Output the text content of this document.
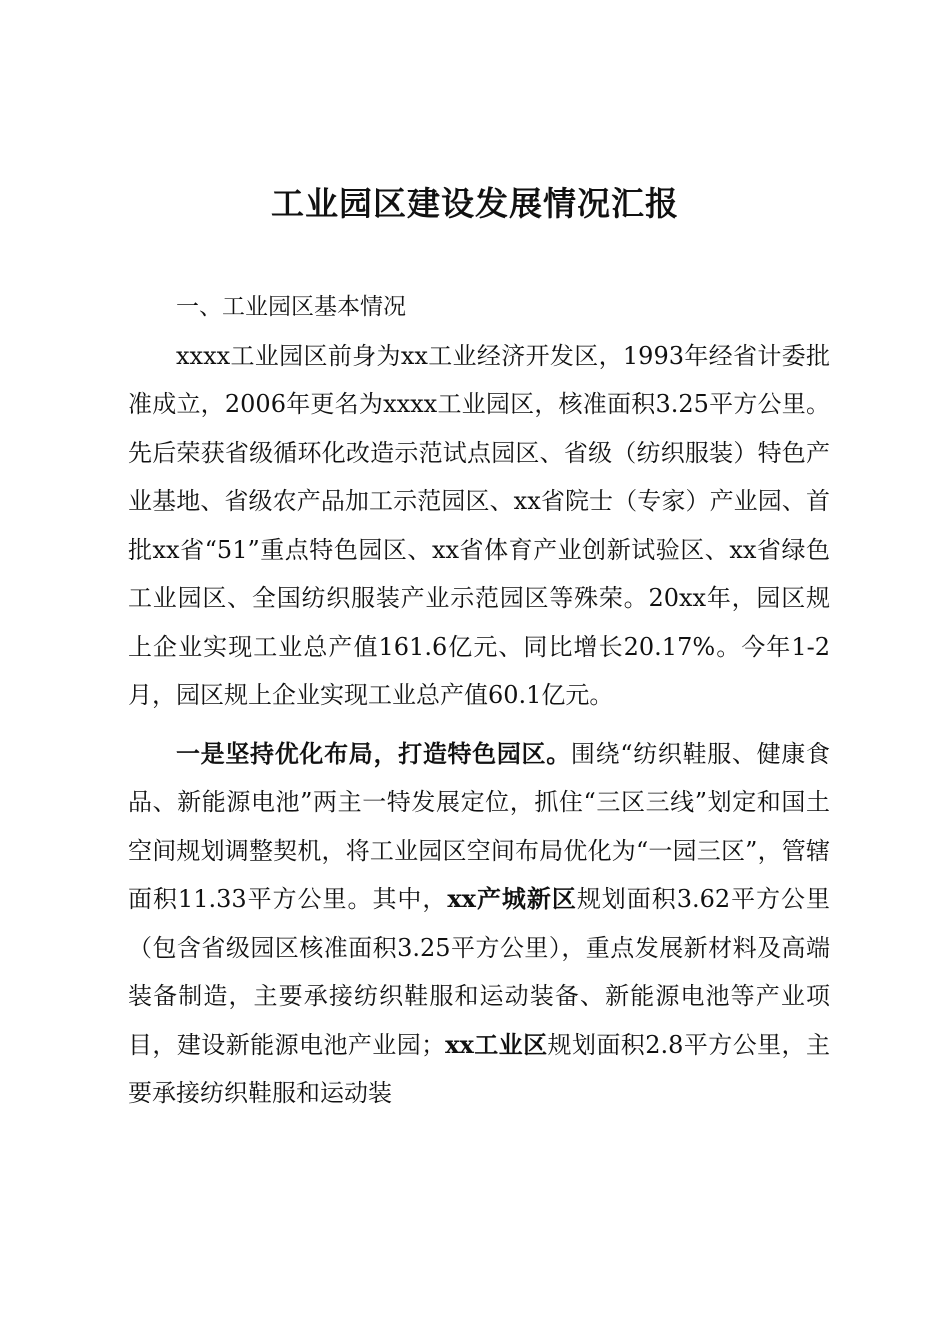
工业园区建设发展情况汇报

一、工业园区基本情况

xxxx工业园区前身为xx工业经济开发区，1993年经省计委批准成立，2006年更名为xxxx工业园区，核准面积3.25平方公里。先后荣获省级循环化改造示范试点园区、省级（纺织服装）特色产业基地、省级农产品加工示范园区、xx省院士（专家）产业园、首批xx省“51”重点特色园区、xx省体育产业创新试验区、xx省绿色工业园区、全国纺织服装产业示范园区等殊荣。20xx年，园区规上企业实现工业总产值161.6亿元、同比增长20.17%。今年1-2月，园区规上企业实现工业总产值60.1亿元。

一是坚持优化布局，打造特色园区。围绕“纺织鞋服、健康食品、新能源电池”两主一特发展定位，抓住“三区三线”划定和国土空间规划调整契机，将工业园区空间布局优化为“一园三区”，管辖面积11.33平方公里。其中，xx产城新区规划面积3.62平方公里（包含省级园区核准面积3.25平方公里），重点发展新材料及高端装备制造，主要承接纺织鞋服和运动装备、新能源电池等产业项目，建设新能源电池产业园；xx工业区规划面积2.8平方公里，主要承接纺织鞋服和运动装
